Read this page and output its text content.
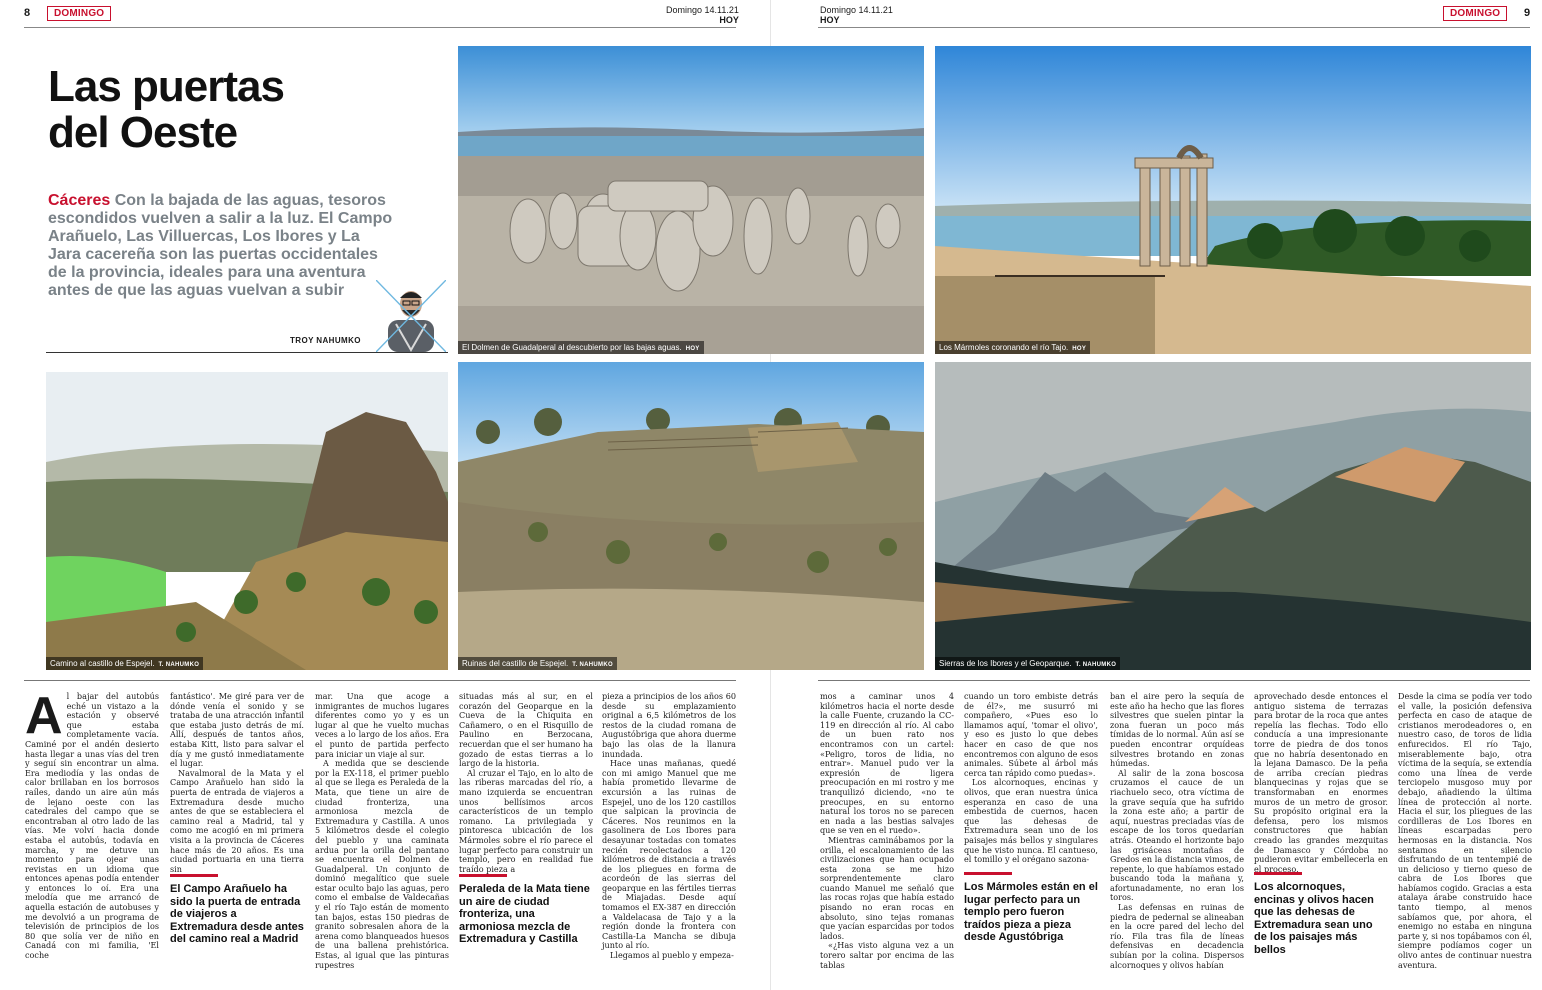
8	DOMINGO	Domingo 14.11.21
HOY
Domingo 14.11.21
HOY
DOMINGO	9
Las puertas
del Oeste
Cáceres Con la bajada de las aguas, tesoros escondidos vuelven a salir a la luz. El Campo Arañuelo, Las Villuercas, Los Ibores y La Jara cacereña son las puertas occidentales de la provincia, ideales para una aventura antes de que las aguas vuelvan a subir
TROY NAHUMKO
El Dolmen de Guadalperal al descubierto por las bajas aguas. HOY	Los Mármoles coronando el río Tajo. HOY
Camino al castillo de Espejel. T. NAHUMKO	Ruinas del castillo de Espejel. T. NAHUMKO	Sierras de los Ibores y el Geoparque. T. NAHUMKO
A l bajar del autobús eché un vistazo a la estación y observé que estaba completamente vacía. Caminé por el andén desierto hasta llegar a unas vías del tren y seguí sin encontrar un alma. Era mediodía y las ondas de calor brillaban en los borrosos raíles, dando un aire aún más de lejano oeste con las catedrales del campo que se encontraban al otro lado de las vías. Me volví hacia donde estaba el autobús, todavía en marcha, y me detuve un momento para ojear unas revistas en un idioma que entonces apenas podía entender y entonces lo oí. Era una melodía que me arrancó de aquella estación de autobuses y me devolvió a un programa de televisión de principios de los 80 que solía ver de niño en Canadá con mi familia, 'El coche

fantástico'. Me giré para ver de dónde venía el sonido y se trataba de una atracción infantil que estaba justo detrás de mí. Allí, después de tantos años, estaba Kitt, listo para salvar el día y me gustó inmediatamente el lugar.

Navalmoral de la Mata y el Campo Arañuelo han sido la puerta de entrada de viajeros a Extremadura desde mucho antes de que se estableciera el camino real a Madrid, tal y como me acogió en mi primera visita a la provincia de Cáceres hace más de 20 años. Es una ciudad portuaria en una tierra sin

El Campo Arañuelo ha sido la puerta de entrada de viajeros a Extremadura desde antes del camino real a Madrid

mar. Una que acoge a inmigrantes de muchos lugares diferentes como yo y es un lugar al que he vuelto muchas veces a lo largo de los años. Era el punto de partida perfecto para iniciar un viaje al sur.

A medida que se desciende por la EX-118, el primer pueblo al que se llega es Peraleda de la Mata, que tiene un aire de ciudad fronteriza, una armoniosa mezcla de Extremadura y Castilla. A unos 5 kilómetros desde el colegio del pueblo y una caminata ardua por la orilla del pantano se encuentra el Dolmen de Guadalperal. Un conjunto de dominó megalítico que suele estar oculto bajo las aguas, pero como el embalse de Valdecañas y el río Tajo están de momento tan bajos, estas 150 piedras de granito sobresalen ahora de la arena como blanqueados huesos de una ballena prehistórica. Estas, al igual que las pinturas rupestres

situadas más al sur, en el corazón del Geoparque en la Cueva de la Chiquita en Cañamero, o en el Risquillo de Paulino en Berzocana, recuerdan que el ser humano ha gozado de estas tierras a lo largo de la historia.

Al cruzar el Tajo, en lo alto de las riberas marcadas del río, a mano izquierda se encuentran unos bellísimos arcos característicos de un templo romano. La privilegiada y pintoresca ubicación de los Mármoles sobre el río parece el lugar perfecto para construir un templo, pero en realidad fue traído pieza a

Peraleda de la Mata tiene un aire de ciudad fronteriza, una armoniosa mezcla de Extremadura y Castilla

pieza a principios de los años 60 desde su emplazamiento original a 6,5 kilómetros de los restos de la ciudad romana de Augustóbriga que ahora duerme bajo las olas de la llanura inundada.

Hace unas mañanas, quedé con mi amigo Manuel que me había prometido llevarme de excursión a las ruinas de Espejel, uno de los 120 castillos que salpican la provincia de Cáceres. Nos reunimos en la gasolinera de Los Ibores para desayunar tostadas con tomates recién recolectados a 120 kilómetros de distancia a través de los pliegues en forma de acordeón de las sierras del geoparque en las fértiles tierras de Miajadas. Desde aquí tomamos el EX-387 en dirección a Valdelacasa de Tajo y a la región donde la frontera con Castilla-La Mancha se dibuja junto al río.

Llegamos al pueblo y empeza-

mos a caminar unos 4 kilómetros hacia el norte desde la calle Fuente, cruzando la CC-119 en dirección al río. Al cabo de un buen rato nos encontramos con un cartel: «Peligro, toros de lidia, no entrar». Manuel pudo ver la expresión de ligera preocupación en mi rostro y me tranquilizó diciendo, «no te preocupes, en su entorno natural los toros no se parecen en nada a las bestias salvajes que se ven en el ruedo».

Mientras caminábamos por la orilla, el escalonamiento de las civilizaciones que han ocupado esta zona se me hizo sorprendentemente claro cuando Manuel me señaló que las rocas rojas que había estado pisando no eran rocas en absoluto, sino tejas romanas que yacían esparcidas por todos lados.

«¿Has visto alguna vez a un torero saltar por encima de las tablas

cuando un toro embiste detrás de él?», me susurró mi compañero, «Pues eso lo llamamos aquí, 'tomar el olivo', y eso es justo lo que debes hacer en caso de que nos encontremos con alguno de esos animales. Súbete al árbol más cerca tan rápido como puedas».

Los alcornoques, encinas y olivos, que eran nuestra única esperanza en caso de una embestida de cuernos, hacen que las dehesas de Extremadura sean uno de los paisajes más bellos y singulares que he visto nunca. El cantueso, el tomillo y el orégano sazona-

Los Mármoles están en el lugar perfecto para un templo pero fueron traídos pieza a pieza desde Agustóbriga

ban el aire pero la sequía de este año ha hecho que las flores silvestres que suelen pintar la zona fueran un poco más tímidas de lo normal. Aún así se pueden encontrar orquídeas silvestres brotando en zonas húmedas.

Al salir de la zona boscosa cruzamos el cauce de un riachuelo seco, otra víctima de la grave sequía que ha sufrido la zona este año; a partir de aquí, nuestras preciadas vías de escape de los toros quedarían atrás. Oteando el horizonte bajo las grisáceas montañas de Gredos en la distancia vimos, de repente, lo que habíamos estado buscando toda la mañana y, afortunadamente, no eran los toros.

Las defensas en ruinas de piedra de pedernal se alineaban en la ocre pared del lecho del río. Fila tras fila de líneas defensivas en decadencia subían por la colina. Dispersos alcornoques y olivos habían

aprovechado desde entonces el antiguo sistema de terrazas para brotar de la roca que antes repelía las flechas. Todo ello conducía a una impresionante torre de piedra de dos tonos que no habría desentonado en la lejana Damasco. De la peña de arriba crecían piedras blanquecinas y rojas que se transformaban en enormes muros de un metro de grosor. Su propósito original era la defensa, pero los mismos constructores que habían creado las grandes mezquitas de Damasco y Córdoba no pudieron evitar embellecerla en el proceso.

Los alcornoques, encinas y olivos hacen que las dehesas de Extremadura sean uno de los paisajes más bellos

Desde la cima se podía ver todo el valle, la posición defensiva perfecta en caso de ataque de cristianos merodeadores o, en nuestro caso, de toros de lidia enfurecidos. El río Tajo, miserablemente bajo, otra víctima de la sequía, se extendía como una línea de verde terciopelo musgoso muy por debajo, añadiendo la última línea de protección al norte. Hacia el sur, los pliegues de las cordilleras de Los Ibores en líneas escarpadas pero hermosas en la distancia. Nos sentamos en silencio disfrutando de un tentempié de un delicioso y tierno queso de cabra de Los Ibores que habíamos cogido. Gracias a esta atalaya árabe construido hace tanto tiempo, al menos sabíamos que, por ahora, el enemigo no estaba en ninguna parte y, si nos topábamos con él, siempre podíamos coger un olivo antes de continuar nuestra aventura.
